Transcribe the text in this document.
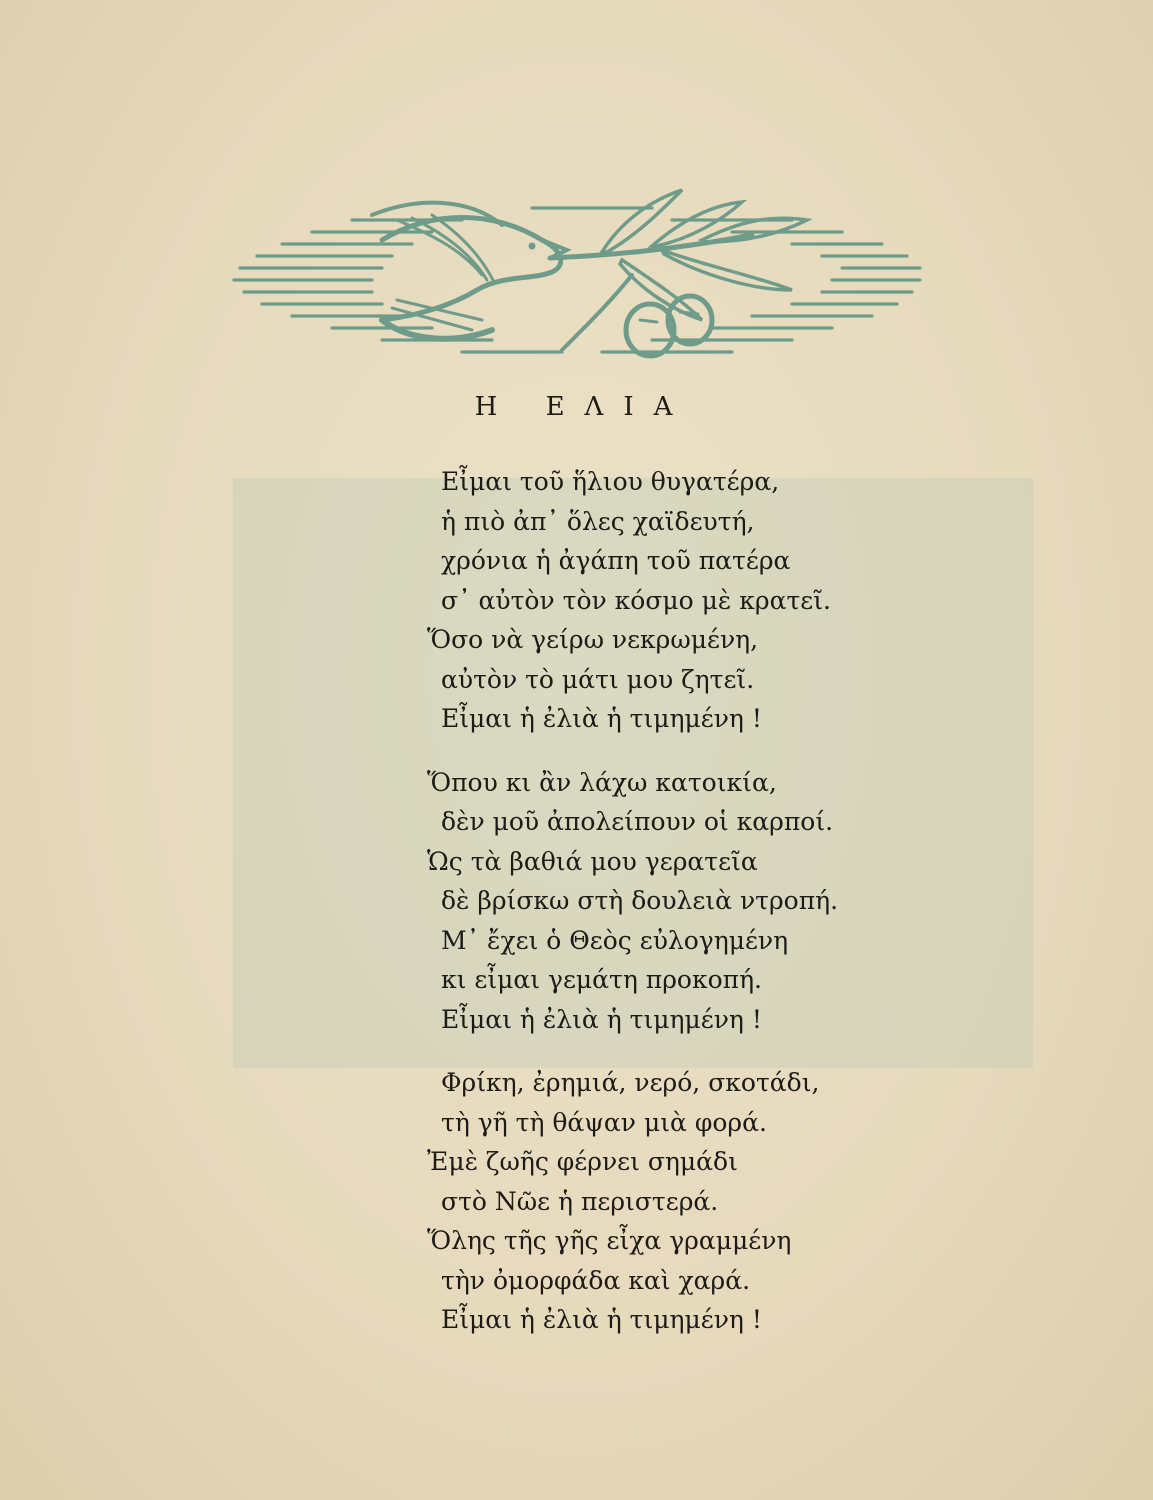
Η ΕΛΙΑ
Εἶμαι τοῦ ἥλιου θυγατέρα,
ἡ πιὸ ἀπ᾽ ὅλες χαϊδευτή,
χρόνια ἡ ἀγάπη τοῦ πατέρα
σ᾽ αὐτὸν τὸν κόσμο μὲ κρατεῖ.
Ὅσο νὰ γείρω νεκρωμένη,
αὐτὸν τὸ μάτι μου ζητεῖ.
Εἶμαι ἡ ἐλιὰ ἡ τιμημένη !
Ὅπου κι ἂν λάχω κατοικία,
δὲν μοῦ ἀπολείπουν οἱ καρποί.
Ὡς τὰ βαθιά μου γερατεῖα
δὲ βρίσκω στὴ δουλειὰ ντροπή.
Μ᾽ ἔχει ὁ Θεὸς εὐλογημένη
κι εἶμαι γεμάτη προκοπή.
Εἶμαι ἡ ἐλιὰ ἡ τιμημένη !
Φρίκη, ἐρημιά, νερό, σκοτάδι,
τὴ γῆ τὴ θάψαν μιὰ φορά.
Ἐμὲ ζωῆς φέρνει σημάδι
στὸ Νῶε ἡ περιστερά.
Ὅλης τῆς γῆς εἶχα γραμμένη
τὴν ὀμορφάδα καὶ χαρά.
Εἶμαι ἡ ἐλιὰ ἡ τιμημένη !
